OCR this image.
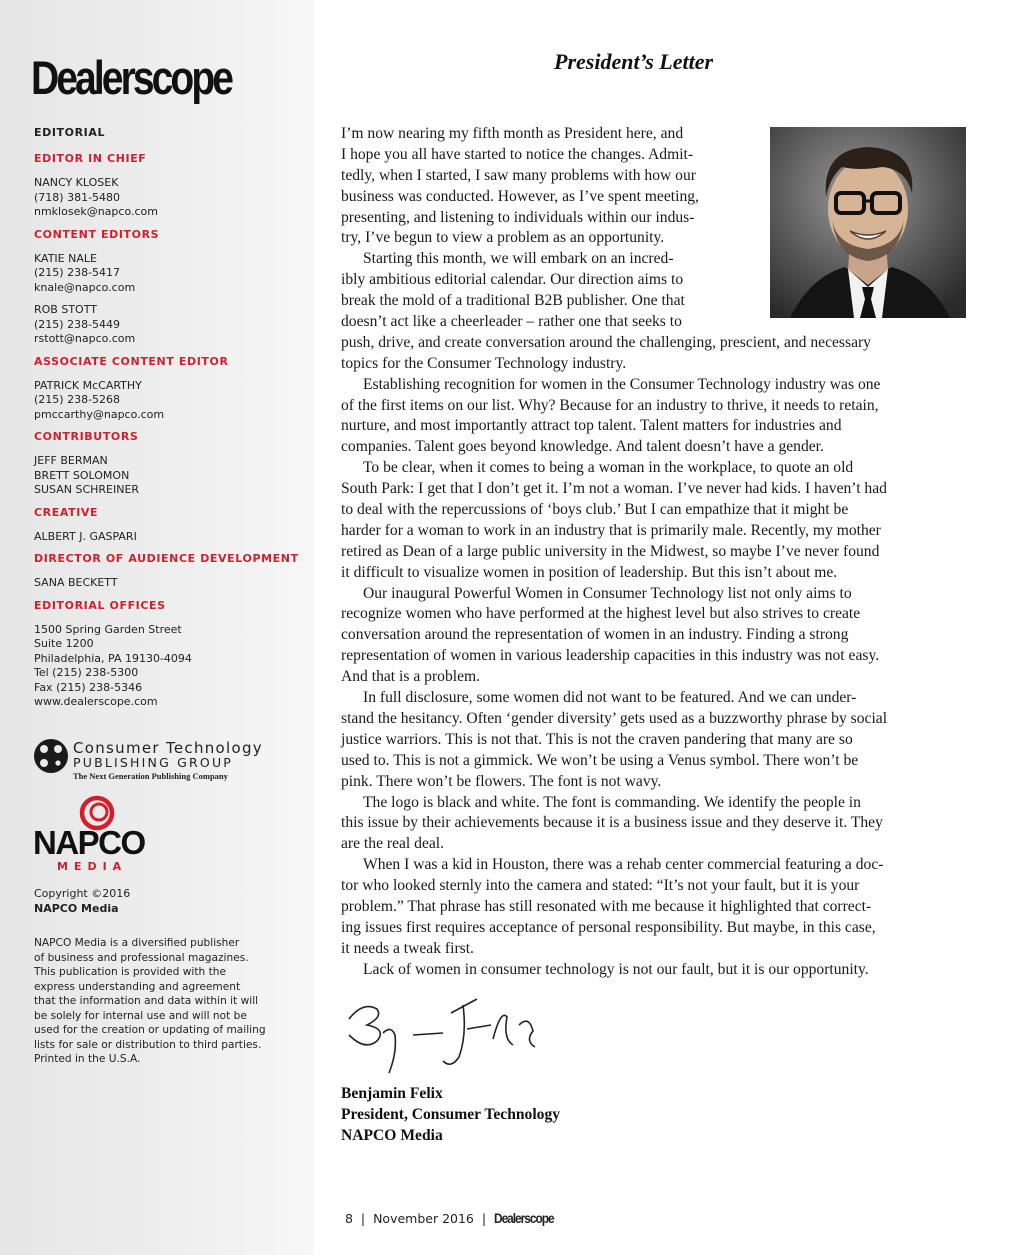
Dealerscope
EDITORIAL
EDITOR IN CHIEF
NANCY KLOSEK
(718) 381-5480
nmklosek@napco.com
CONTENT EDITORS
KATIE NALE
(215) 238-5417
knale@napco.com
ROB STOTT
(215) 238-5449
rstott@napco.com
ASSOCIATE CONTENT EDITOR
PATRICK McCARTHY
(215) 238-5268
pmccarthy@napco.com
CONTRIBUTORS
JEFF BERMAN
BRETT SOLOMON
SUSAN SCHREINER
CREATIVE
ALBERT J. GASPARI
DIRECTOR OF AUDIENCE DEVELOPMENT
SANA BECKETT
EDITORIAL OFFICES
1500 Spring Garden Street
Suite 1200
Philadelphia, PA 19130-4094
Tel (215) 238-5300
Fax (215) 238-5346
www.dealerscope.com
Consumer Technology
PUBLISHING GROUP
The Next Generation Publishing Company
NAPCO
MEDIA
Copyright ©2016
NAPCO Media
NAPCO Media is a diversified publisher
of business and professional magazines.
This publication is provided with the
express understanding and agreement
that the information and data within it will
be solely for internal use and will not be
used for the creation or updating of mailing
lists for sale or distribution to third parties.
Printed in the U.S.A.
President’s Letter
I’m now nearing my fifth month as President here, and
I hope you all have started to notice the changes. Admit-
tedly, when I started, I saw many problems with how our
business was conducted. However, as I’ve spent meeting,
presenting, and listening to individuals within our indus-
try, I’ve begun to view a problem as an opportunity.
Starting this month, we will embark on an incred-
ibly ambitious editorial calendar. Our direction aims to
break the mold of a traditional B2B publisher. One that
doesn’t act like a cheerleader – rather one that seeks to
push, drive, and create conversation around the challenging, prescient, and necessary
topics for the Consumer Technology industry.
Establishing recognition for women in the Consumer Technology industry was one
of the first items on our list. Why? Because for an industry to thrive, it needs to retain,
nurture, and most importantly attract top talent. Talent matters for industries and
companies. Talent goes beyond knowledge. And talent doesn’t have a gender.
To be clear, when it comes to being a woman in the workplace, to quote an old
South Park: I get that I don’t get it. I’m not a woman. I’ve never had kids. I haven’t had
to deal with the repercussions of ‘boys club.’ But I can empathize that it might be
harder for a woman to work in an industry that is primarily male. Recently, my mother
retired as Dean of a large public university in the Midwest, so maybe I’ve never found
it difficult to visualize women in position of leadership. But this isn’t about me.
Our inaugural Powerful Women in Consumer Technology list not only aims to
recognize women who have performed at the highest level but also strives to create
conversation around the representation of women in an industry. Finding a strong
representation of women in various leadership capacities in this industry was not easy.
And that is a problem.
In full disclosure, some women did not want to be featured. And we can under-
stand the hesitancy. Often ‘gender diversity’ gets used as a buzzworthy phrase by social
justice warriors. This is not that. This is not the craven pandering that many are so
used to. This is not a gimmick. We won’t be using a Venus symbol. There won’t be
pink. There won’t be flowers. The font is not wavy.
The logo is black and white. The font is commanding. We identify the people in
this issue by their achievements because it is a business issue and they deserve it. They
are the real deal.
When I was a kid in Houston, there was a rehab center commercial featuring a doc-
tor who looked sternly into the camera and stated: “It’s not your fault, but it is your
problem.” That phrase has still resonated with me because it highlighted that correct-
ing issues first requires acceptance of personal responsibility. But maybe, in this case,
it needs a tweak first.
Lack of women in consumer technology is not our fault, but it is our opportunity.
Benjamin Felix
President, Consumer Technology
NAPCO Media
8 | November 2016 | Dealerscope
